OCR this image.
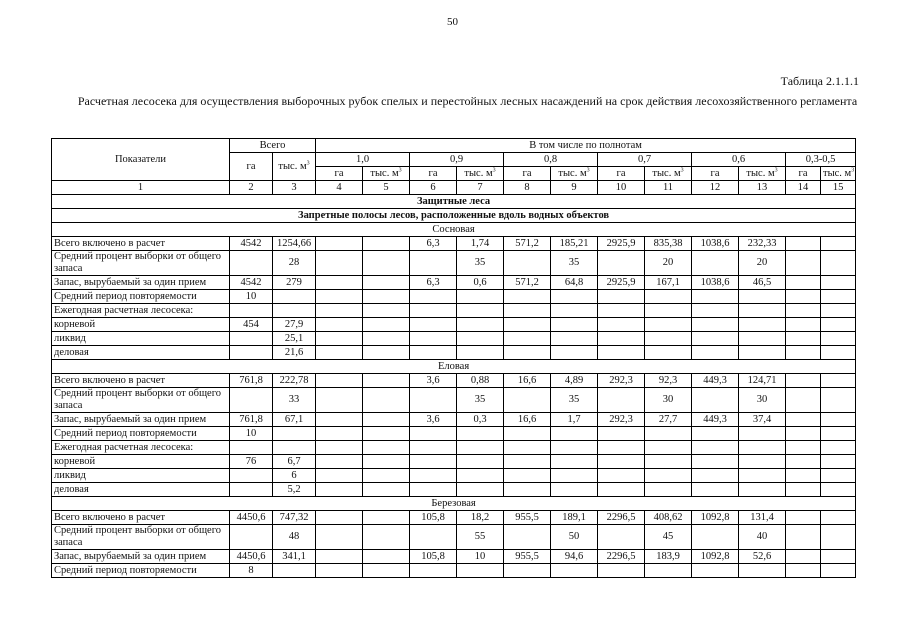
50
Таблица 2.1.1.1
Расчетная лесосека для осуществления выборочных рубок спелых и перестойных лесных насаждений на срок действия лесохозяйственного регламента
Показатели	Всего		В том числе по полнотам											
	га	тыс. $м^3$	1,0		0,9		0,8		0,7		0,6		0,3-0,5	
			га	тыс. $м^3$	га	тыс. $м^3$	га	тыс. $м^3$	га	тыс. $м^3$	га	тыс. $м^3$	га	тыс. $м^3$
1	2	3	4	5	6	7	8	9	10	11	12	13	14	15
Защитные леса														
Запретные полосы лесов, расположенные вдоль водных объектов														
Сосновая														
Всего включено в расчет	4542	1254,66			6,3	1,74	571,2	185,21	2925,9	835,38	1038,6	232,33		
Средний процент выборки от общего запаса		28				35		35		20		20		
Запас, вырубаемый за один прием	4542	279			6,3	0,6	571,2	64,8	2925,9	167,1	1038,6	46,5		
Средний период повторяемости	10													
Ежегодная расчетная лесосека:														
корневой	454	27,9												
ликвид		25,1												
деловая		21,6												
Еловая														
Всего включено в расчет	761,8	222,78			3,6	0,88	16,6	4,89	292,3	92,3	449,3	124,71		
Средний процент выборки от общего запаса		33				35		35		30		30		
Запас, вырубаемый за один прием	761,8	67,1			3,6	0,3	16,6	1,7	292,3	27,7	449,3	37,4		
Средний период повторяемости	10													
Ежегодная расчетная лесосека:														
корневой	76	6,7												
ликвид		6												
деловая		5,2												
Березовая														
Всего включено в расчет	4450,6	747,32			105,8	18,2	955,5	189,1	2296,5	408,62	1092,8	131,4		
Средний процент выборки от общего запаса		48				55		50		45		40		
Запас, вырубаемый за один прием	4450,6	341,1			105,8	10	955,5	94,6	2296,5	183,9	1092,8	52,6		
Средний период повторяемости	8													
